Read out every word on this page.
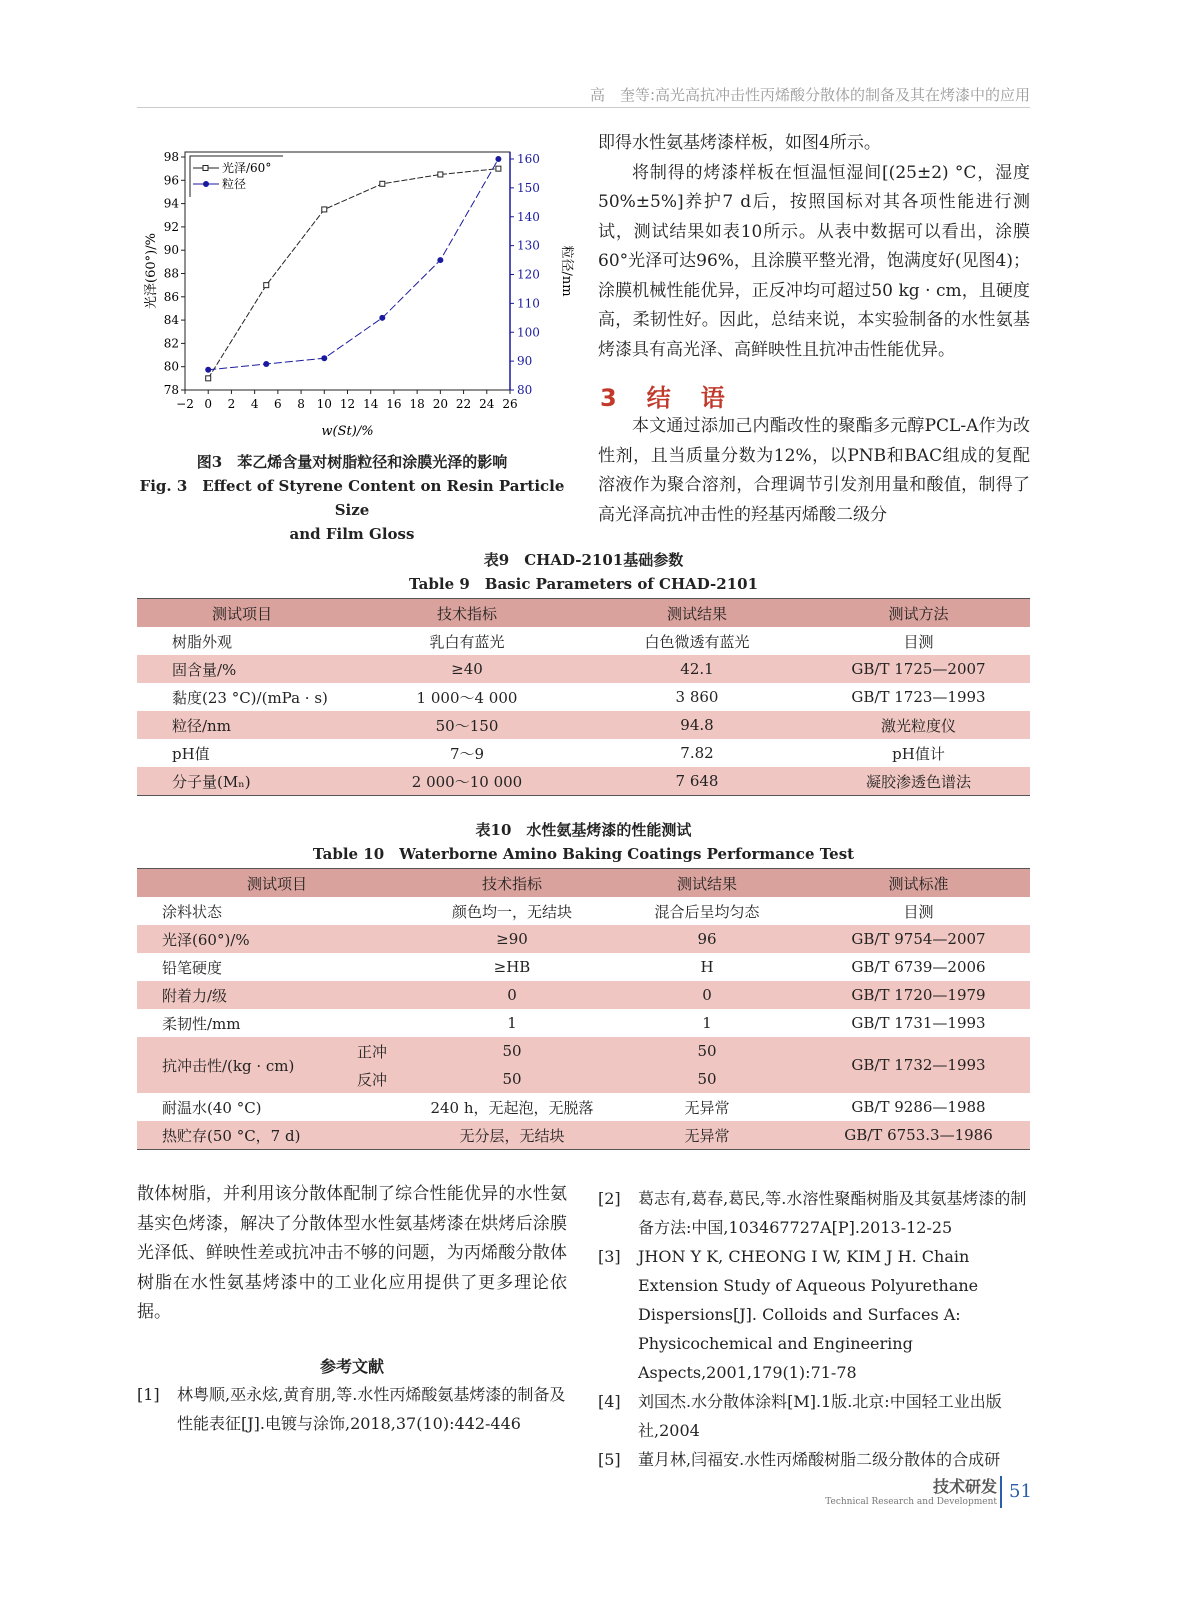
高　奎等:高光高抗冲击性丙烯酸分散体的制备及其在烤漆中的应用
−2 0 2 4 6 8 10 12 14 16 18 20 22 24 26
78
80
82
84
86
88
90
92
94
96
98
80
90
100
110
120
130
140
150
160
w(St)/%
光泽(60°)/%	粒径/nm
光泽/60°
粒径
图3　苯乙烯含量对树脂粒径和涂膜光泽的影响
Fig. 3　Effect of Styrene Content on Resin Particle Size
and Film Gloss

即得水性氨基烤漆样板，如图4所示。

将制得的烤漆样板在恒温恒湿间[(25±2) °C，湿度50%±5%]养护7 d后，按照国标对其各项性能进行测试，测试结果如表10所示。从表中数据可以看出，涂膜60°光泽可达96%，且涂膜平整光滑，饱满度好(见图4)；涂膜机械性能优异，正反冲均可超过50 kg · cm，且硬度高，柔韧性好。因此，总结来说，本实验制备的水性氨基烤漆具有高光泽、高鲜映性且抗冲击性能优异。

3　结　语

本文通过添加己内酯改性的聚酯多元醇PCL-A作为改性剂，且当质量分数为12%，以PNB和BAC组成的复配溶液作为聚合溶剂，合理调节引发剂用量和酸值，制得了高光泽高抗冲击性的羟基丙烯酸二级分

表9　CHAD-2101基础参数
Table 9　Basic Parameters of CHAD-2101
测试项目	技术指标	测试结果	测试方法
树脂外观	乳白有蓝光	白色微透有蓝光	目测
固含量/%	≥40	42.1	GB/T 1725—2007
黏度(23 °C)/(mPa · s)	1 000～4 000	3 860	GB/T 1723—1993
粒径/nm	50～150	94.8	激光粒度仪
pH值	7～9	7.82	pH值计
分子量(Mₙ)	2 000～10 000	7 648	凝胶渗透色谱法
表10　水性氨基烤漆的性能测试
Table 10　Waterborne Amino Baking Coatings Performance Test
测试项目		技术指标	测试结果	测试标准
涂料状态		颜色均一，无结块	混合后呈均匀态	目测
光泽(60°)/%		≥90	96	GB/T 9754—2007
铅笔硬度		≥HB	H	GB/T 6739—2006
附着力/级		0	0	GB/T 1720—1979
柔韧性/mm		1	1	GB/T 1731—1993
抗冲击性/(kg · cm)	正冲	50	50	GB/T 1732—1993
	反冲	50	50	
耐温水(40 °C)		240 h，无起泡，无脱落	无异常	GB/T 9286—1988
热贮存(50 °C，7 d)		无分层，无结块	无异常	GB/T 6753.3—1986

散体树脂，并利用该分散体配制了综合性能优异的水性氨基实色烤漆，解决了分散体型水性氨基烤漆在烘烤后涂膜光泽低、鲜映性差或抗冲击不够的问题，为丙烯酸分散体树脂在水性氨基烤漆中的工业化应用提供了更多理论依据。

参考文献
[1]	林粤顺,巫永炫,黄育朋,等.水性丙烯酸氨基烤漆的制备及性能表征[J].电镀与涂饰,2018,37(10):442-446
[2]	葛志有,葛春,葛民,等.水溶性聚酯树脂及其氨基烤漆的制备方法:中国,103467727A[P].2013-12-25
[3]	JHON Y K, CHEONG I W, KIM J H. Chain Extension Study of Aqueous Polyurethane Dispersions[J]. Colloids and Surfaces A: Physicochemical and Engineering Aspects,2001,179(1):71-78
[4]	刘国杰.水分散体涂料[M].1版.北京:中国轻工业出版社,2004
[5]	董月林,闫福安.水性丙烯酸树脂二级分散体的合成研
技术研发
Technical Research and Development 51
